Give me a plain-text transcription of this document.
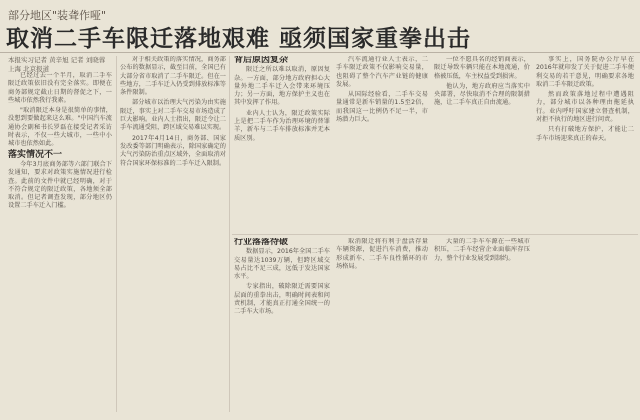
部分地区"装聋作哑"
取消二手车限迁落地艰难 亟须国家重拳出击
本报实习记者 黄辛旭 记者 刘晓蓉 上海 北京报道

已经过去一个半月，取消二手车限迁政策依旧没有完全落实。即便在商务部规定截止日期的督促之下，一些城市依然我行我素。

"取消限迁本身是很简单的事情，没想到要做起来这么难。"中国汽车流通协会副秘书长罗磊在接受记者采访时表示，不仅一些大城市，一些中小城市也依然如此。

落实情况不一

今年3月底商务部等六部门联合下发通知，要求对政策实施情况进行检查。此前的文件中就已经明确，对于不符合规定的限迁政策，各地须全部取消。但记者调查发现，部分地区仍设置二手车迁入门槛。

对于相关政策的落实情况，商务部公布的数据显示，截至目前，全国已有大部分省市取消了二手车限迁。但在一些地方，二手车迁入仍受到排放标准等条件限制。

部分城市以治理大气污染为由实施限迁，事实上对二手车交易市场造成了巨大影响。业内人士指出，限迁令让二手车流通受阻，跨区域交易难以实现。

2017年4月14日，商务部、国家发改委等部门明确表示，除国家确定的大气污染防治重点区域外，全面取消对符合国家环保标准的二手车迁入限制。

背后原因复杂

限迁之所以难以取消，原因复杂。一方面，部分地方政府担心大量外地二手车迁入会带来环境压力；另一方面，地方保护主义也在其中发挥了作用。

业内人士认为，限迁政策实际上是把二手车作为治理环境的替罪羊，新车与二手车排放标准并无本质区别。

行业落落待破

数据显示，2016年全国二手车交易量达1039万辆，但跨区域交易占比不足三成，远低于发达国家水平。

专家指出，破除限迁需要国家层面的重拳出击，明确时间表和问责机制，才能真正打通全国统一的二手车大市场。

汽车流通行业人士表示，二手车限迁政策不仅影响交易量，也阻碍了整个汽车产业链的健康发展。

从国际经验看，二手车交易量通常是新车销量的1.5至2倍，而我国这一比例仍不足一半，市场潜力巨大。

取消限迁将有利于盘活存量车辆资源，促进汽车消费，推动形成新车、二手车良性循环的市场格局。

一位不愿具名的经销商表示，限迁导致车辆只能在本地流通，价格被压低，车主权益受到损害。

他认为，地方政府应当落实中央部署，尽快取消不合理的限制措施，让二手车真正自由流通。

大量的二手车车源在一些城市积压，二手车经营企业面临库存压力，整个行业发展受到制约。

事实上，国务院办公厅早在2016年就印发了关于促进二手车便利交易的若干意见，明确要求各地取消二手车限迁政策。

然而政策落地过程中遭遇阻力，部分城市以各种理由拖延执行。业内呼吁国家建立督查机制，对拒不执行的地区进行问责。

只有打破地方保护，才能让二手车市场迎来真正的春天。
